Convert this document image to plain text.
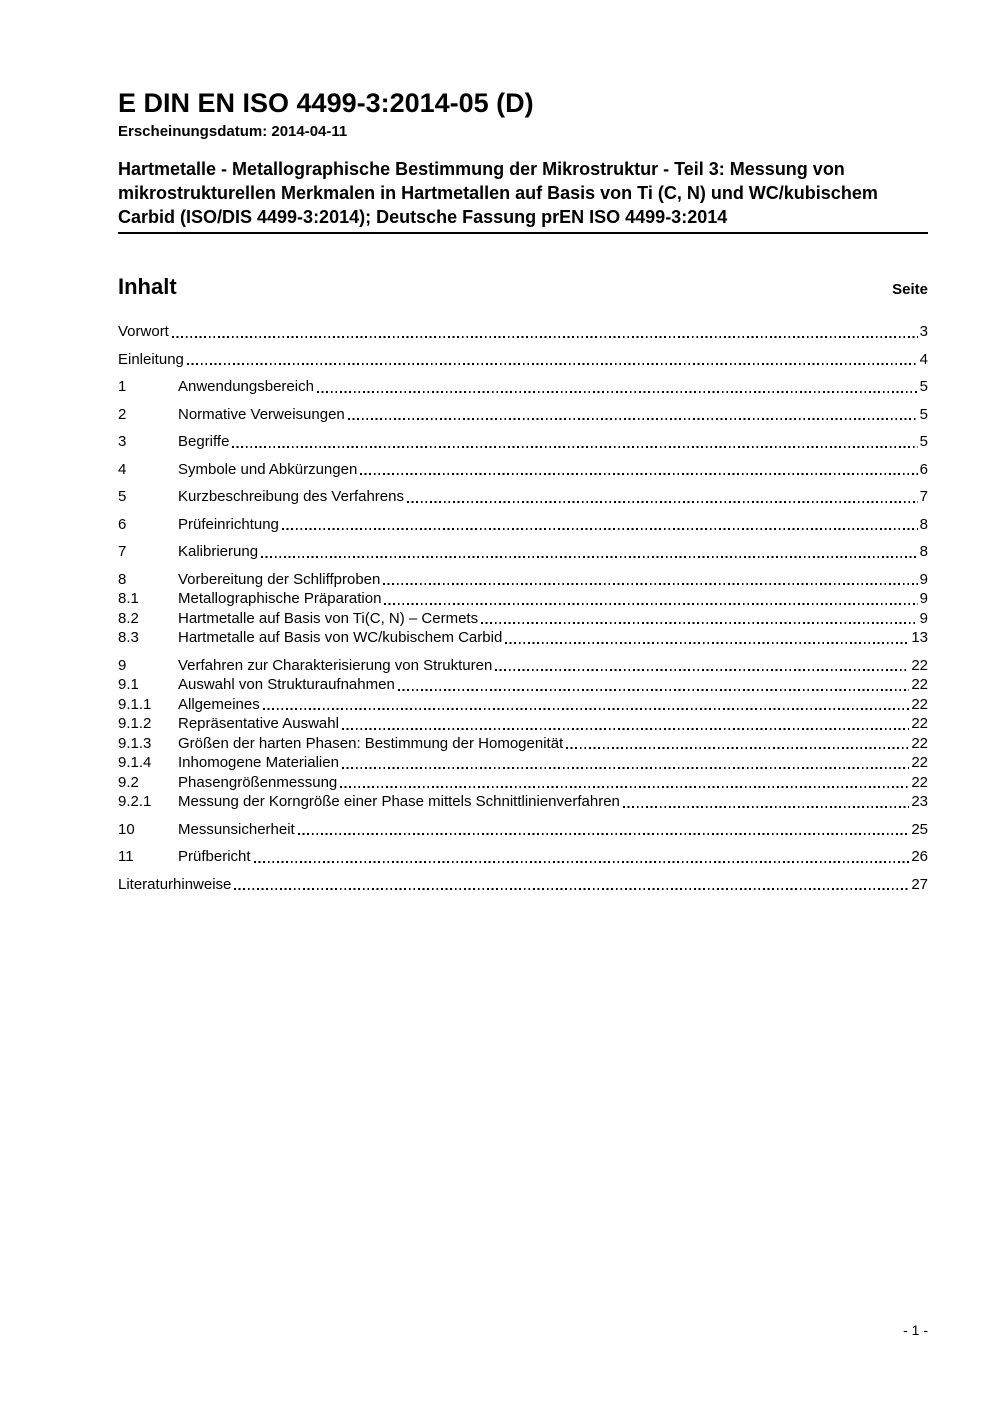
E DIN EN ISO 4499-3:2014-05 (D)
Erscheinungsdatum: 2014-04-11
Hartmetalle - Metallographische Bestimmung der Mikrostruktur - Teil 3: Messung von mikrostrukturellen Merkmalen in Hartmetallen auf Basis von Ti (C, N) und WC/kubischem Carbid (ISO/DIS 4499-3:2014); Deutsche Fassung prEN ISO 4499-3:2014
Inhalt	Seite
Vorwort	3
Einleitung	4
1	Anwendungsbereich	5
2	Normative Verweisungen	5
3	Begriffe	5
4	Symbole und Abkürzungen	6
5	Kurzbeschreibung des Verfahrens	7
6	Prüfeinrichtung	8
7	Kalibrierung	8
8	Vorbereitung der Schliffproben	9
8.1	Metallographische Präparation	9
8.2	Hartmetalle auf Basis von Ti(C, N) – Cermets	9
8.3	Hartmetalle auf Basis von WC/kubischem Carbid	13
9	Verfahren zur Charakterisierung von Strukturen	22
9.1	Auswahl von Strukturaufnahmen	22
9.1.1	Allgemeines	22
9.1.2	Repräsentative Auswahl	22
9.1.3	Größen der harten Phasen: Bestimmung der Homogenität	22
9.1.4	Inhomogene Materialien	22
9.2	Phasengrößenmessung	22
9.2.1	Messung der Korngröße einer Phase mittels Schnittlinienverfahren	23
10	Messunsicherheit	25
11	Prüfbericht	26
Literaturhinweise	27
- 1 -
